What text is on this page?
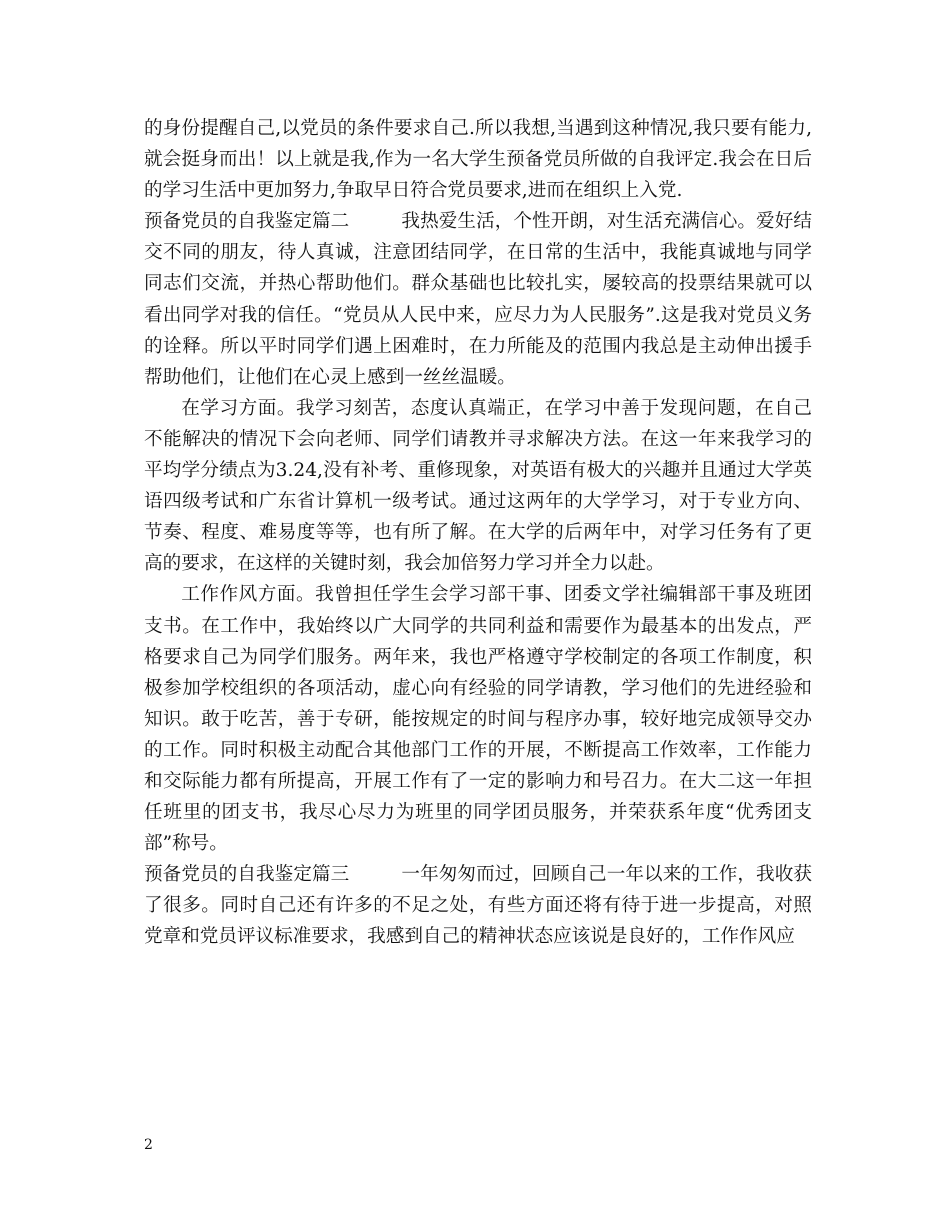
的身份提醒自己,以党员的条件要求自己.所以我想,当遇到这种情况,我只要有能力,就会挺身而出！以上就是我,作为一名大学生预备党员所做的自我评定.我会在日后的学习生活中更加努力,争取早日符合党员要求,进而在组织上入党.

预备党员的自我鉴定篇二	我热爱生活，个性开朗，对生活充满信心。爱好结交不同的朋友，待人真诚，注意团结同学，在日常的生活中，我能真诚地与同学同志们交流，并热心帮助他们。群众基础也比较扎实，屡较高的投票结果就可以看出同学对我的信任。“党员从人民中来，应尽力为人民服务”.这是我对党员义务的诠释。所以平时同学们遇上困难时，在力所能及的范围内我总是主动伸出援手帮助他们，让他们在心灵上感到一丝丝温暖。

在学习方面。我学习刻苦，态度认真端正，在学习中善于发现问题，在自己不能解决的情况下会向老师、同学们请教并寻求解决方法。在这一年来我学习的平均学分绩点为3.24,没有补考、重修现象，对英语有极大的兴趣并且通过大学英语四级考试和广东省计算机一级考试。通过这两年的大学学习，对于专业方向、节奏、程度、难易度等等，也有所了解。在大学的后两年中，对学习任务有了更高的要求，在这样的关键时刻，我会加倍努力学习并全力以赴。

工作作风方面。我曾担任学生会学习部干事、团委文学社编辑部干事及班团支书。在工作中，我始终以广大同学的共同利益和需要作为最基本的出发点，严格要求自己为同学们服务。两年来，我也严格遵守学校制定的各项工作制度，积极参加学校组织的各项活动，虚心向有经验的同学请教，学习他们的先进经验和知识。敢于吃苦，善于专研，能按规定的时间与程序办事，较好地完成领导交办的工作。同时积极主动配合其他部门工作的开展，不断提高工作效率，工作能力和交际能力都有所提高，开展工作有了一定的影响力和号召力。在大二这一年担任班里的团支书，我尽心尽力为班里的同学团员服务，并荣获系年度“优秀团支部”称号。

预备党员的自我鉴定篇三	一年匆匆而过，回顾自己一年以来的工作，我收获了很多。同时自己还有许多的不足之处，有些方面还将有待于进一步提高，对照党章和党员评议标准要求，我感到自己的精神状态应该说是良好的，工作作风应

2
